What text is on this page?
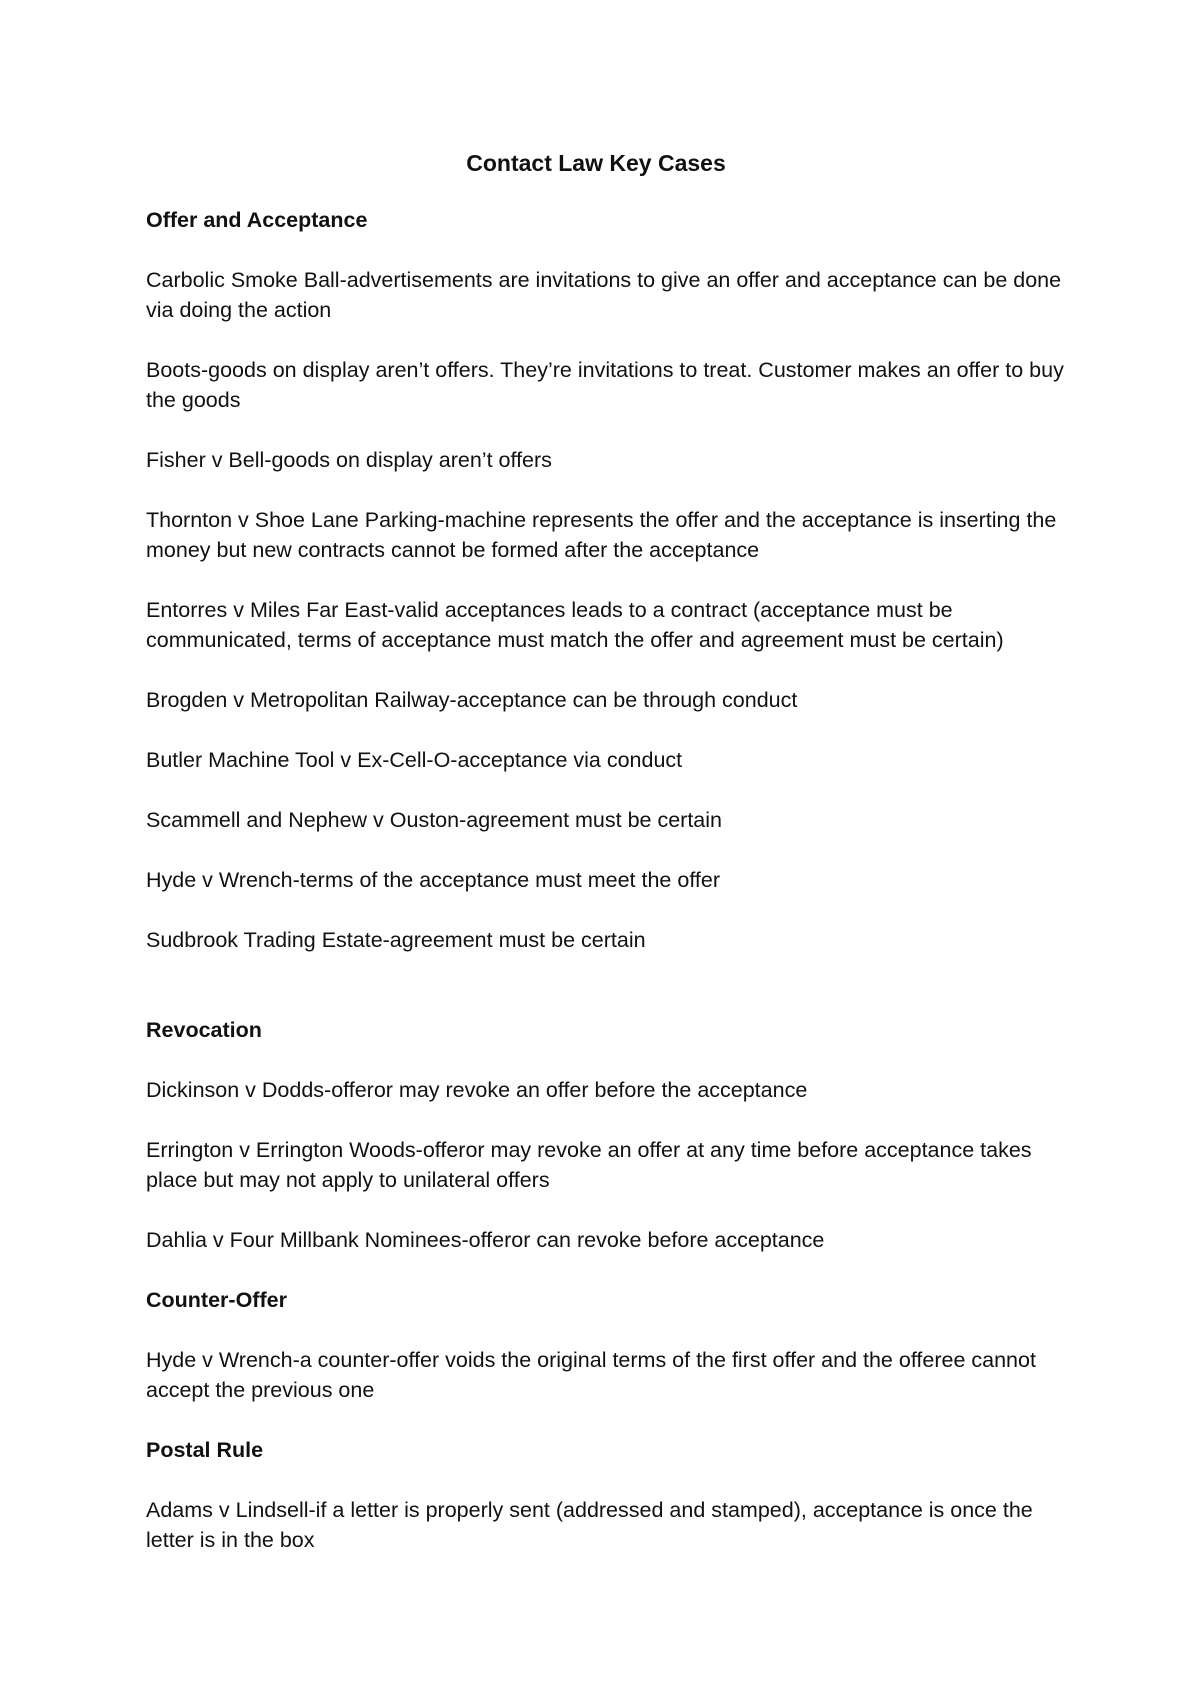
Contact Law Key Cases
Offer and Acceptance
Carbolic Smoke Ball-advertisements are invitations to give an offer and acceptance can be done via doing the action
Boots-goods on display aren’t offers. They’re invitations to treat. Customer makes an offer to buy the goods
Fisher v Bell-goods on display aren’t offers
Thornton v Shoe Lane Parking-machine represents the offer and the acceptance is inserting the money but new contracts cannot be formed after the acceptance
Entorres v Miles Far East-valid acceptances leads to a contract (acceptance must be communicated, terms of acceptance must match the offer and agreement must be certain)
Brogden v Metropolitan Railway-acceptance can be through conduct
Butler Machine Tool v Ex-Cell-O-acceptance via conduct
Scammell and Nephew v Ouston-agreement must be certain
Hyde v Wrench-terms of the acceptance must meet the offer
Sudbrook Trading Estate-agreement must be certain
Revocation
Dickinson v Dodds-offeror may revoke an offer before the acceptance
Errington v Errington Woods-offeror may revoke an offer at any time before acceptance takes place but may not apply to unilateral offers
Dahlia v Four Millbank Nominees-offeror can revoke before acceptance
Counter-Offer
Hyde v Wrench-a counter-offer voids the original terms of the first offer and the offeree cannot accept the previous one
Postal Rule
Adams v Lindsell-if a letter is properly sent (addressed and stamped), acceptance is once the letter is in the box
